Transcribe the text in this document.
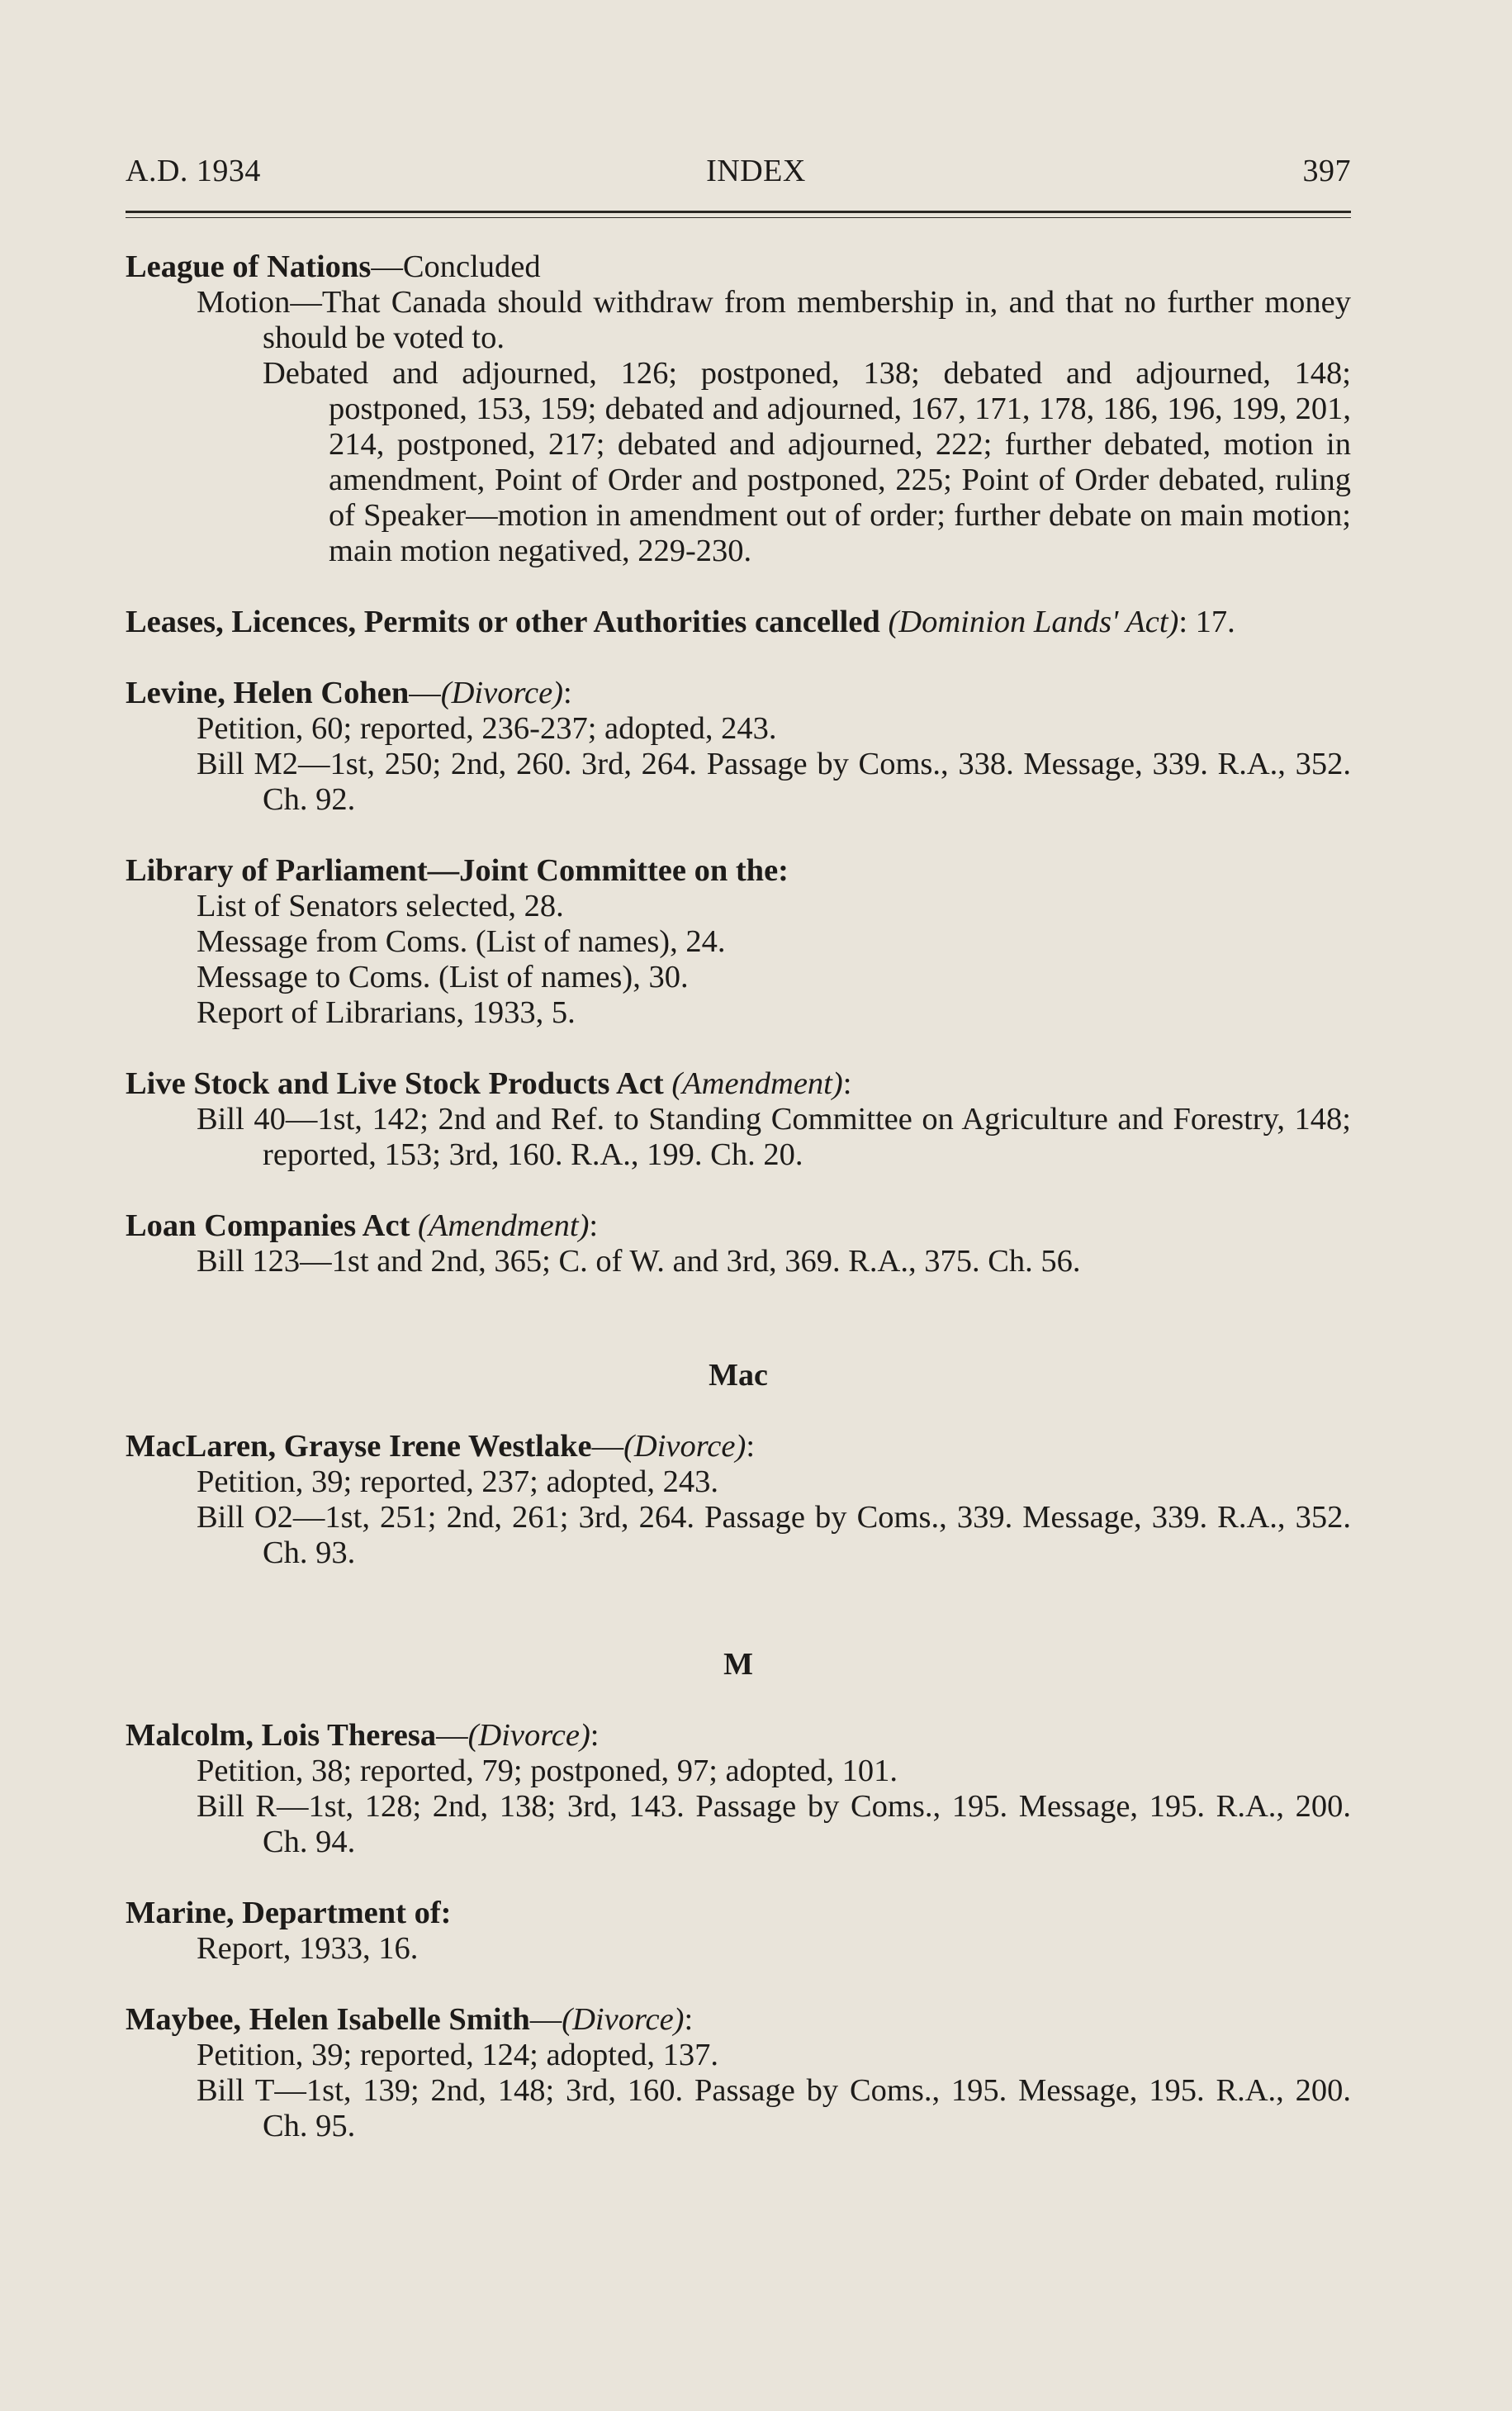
A.D. 1934	397
INDEX
League of Nations—Concluded
Motion—That Canada should withdraw from membership in, and that no further money should be voted to.
Debated and adjourned, 126; postponed, 138; debated and adjourned, 148; postponed, 153, 159; debated and adjourned, 167, 171, 178, 186, 196, 199, 201, 214, postponed, 217; debated and adjourned, 222; further debated, motion in amendment, Point of Order and postponed, 225; Point of Order debated, ruling of Speaker—motion in amendment out of order; further debate on main motion; main motion negatived, 229-230.
Leases, Licences, Permits or other Authorities cancelled (Dominion Lands' Act): 17.
Levine, Helen Cohen—(Divorce):
Petition, 60; reported, 236-237; adopted, 243.
Bill M2—1st, 250; 2nd, 260. 3rd, 264. Passage by Coms., 338. Message, 339. R.A., 352. Ch. 92.
Library of Parliament—Joint Committee on the:
List of Senators selected, 28.
Message from Coms. (List of names), 24.
Message to Coms. (List of names), 30.
Report of Librarians, 1933, 5.
Live Stock and Live Stock Products Act (Amendment):
Bill 40—1st, 142; 2nd and Ref. to Standing Committee on Agriculture and Forestry, 148; reported, 153; 3rd, 160. R.A., 199. Ch. 20.
Loan Companies Act (Amendment):
Bill 123—1st and 2nd, 365; C. of W. and 3rd, 369. R.A., 375. Ch. 56.
Mac
MacLaren, Grayse Irene Westlake—(Divorce):
Petition, 39; reported, 237; adopted, 243.
Bill O2—1st, 251; 2nd, 261; 3rd, 264. Passage by Coms., 339. Message, 339. R.A., 352. Ch. 93.
M
Malcolm, Lois Theresa—(Divorce):
Petition, 38; reported, 79; postponed, 97; adopted, 101.
Bill R—1st, 128; 2nd, 138; 3rd, 143. Passage by Coms., 195. Message, 195. R.A., 200. Ch. 94.
Marine, Department of:
Report, 1933, 16.
Maybee, Helen Isabelle Smith—(Divorce):
Petition, 39; reported, 124; adopted, 137.
Bill T—1st, 139; 2nd, 148; 3rd, 160. Passage by Coms., 195. Message, 195. R.A., 200. Ch. 95.
